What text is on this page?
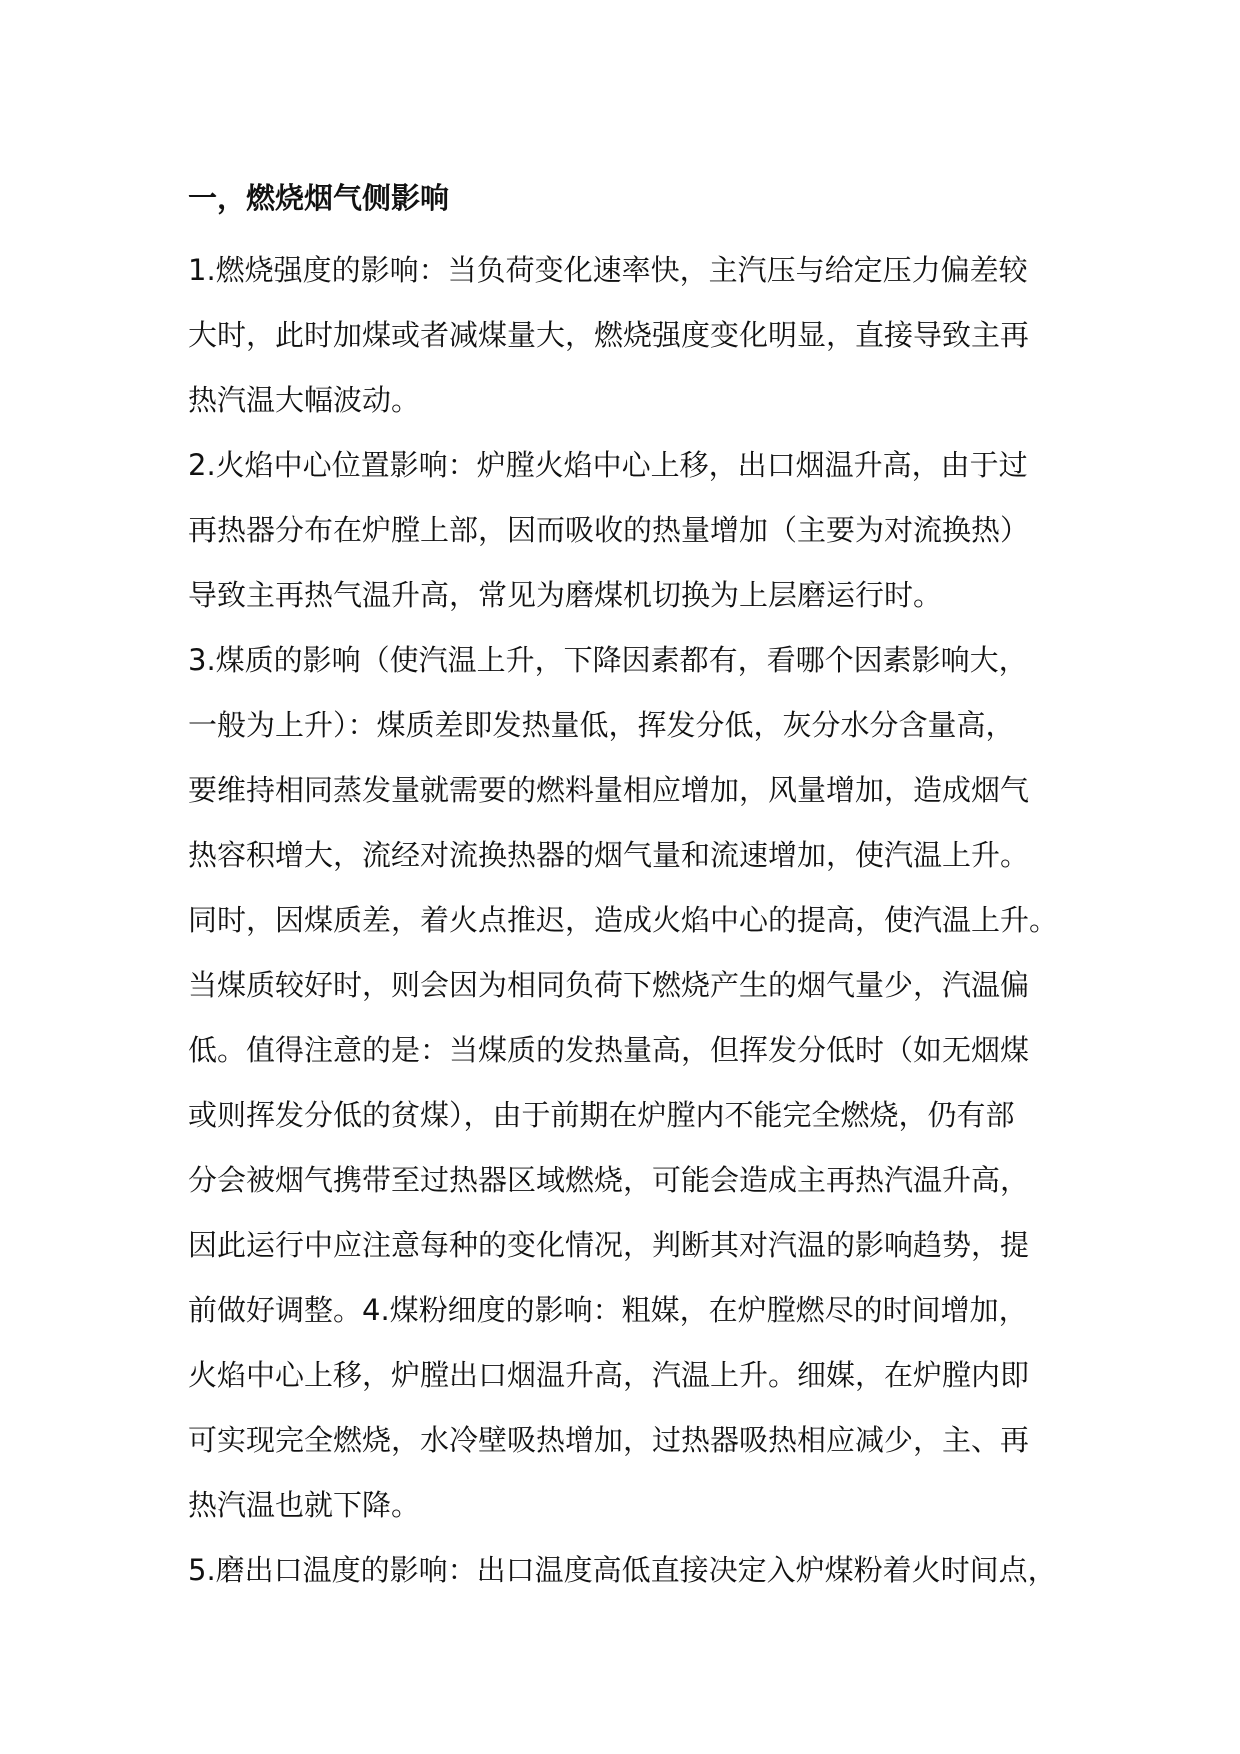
一，燃烧烟气侧影响

1.燃烧强度的影响：当负荷变化速率快，主汽压与给定压力偏差较

大时，此时加煤或者减煤量大，燃烧强度变化明显，直接导致主再

热汽温大幅波动。

2.火焰中心位置影响：炉膛火焰中心上移，出口烟温升高，由于过

再热器分布在炉膛上部，因而吸收的热量增加（主要为对流换热）

导致主再热气温升高，常见为磨煤机切换为上层磨运行时。

3.煤质的影响（使汽温上升，下降因素都有，看哪个因素影响大，

一般为上升）：煤质差即发热量低，挥发分低，灰分水分含量高，

要维持相同蒸发量就需要的燃料量相应增加，风量增加，造成烟气

热容积增大，流经对流换热器的烟气量和流速增加，使汽温上升。

同时，因煤质差，着火点推迟，造成火焰中心的提高，使汽温上升。

当煤质较好时，则会因为相同负荷下燃烧产生的烟气量少，汽温偏

低。值得注意的是：当煤质的发热量高，但挥发分低时（如无烟煤

或则挥发分低的贫煤），由于前期在炉膛内不能完全燃烧，仍有部

分会被烟气携带至过热器区域燃烧，可能会造成主再热汽温升高，

因此运行中应注意每种的变化情况，判断其对汽温的影响趋势，提

前做好调整。4.煤粉细度的影响：粗媒，在炉膛燃尽的时间增加，

火焰中心上移，炉膛出口烟温升高，汽温上升。细媒，在炉膛内即

可实现完全燃烧，水冷壁吸热增加，过热器吸热相应减少，主、再

热汽温也就下降。

5.磨出口温度的影响：出口温度高低直接决定入炉煤粉着火时间点，
